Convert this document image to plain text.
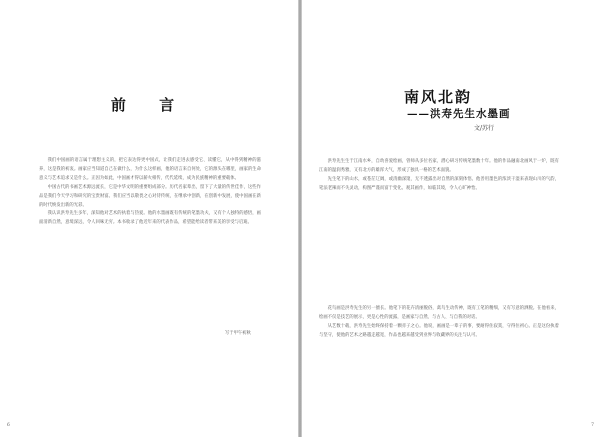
前 言

我们中国画的语言属于理想主义的，把它表达得更中国式，让我们走进去感受它、读懂它，从中得到精神的滋养，这是我的初衷。画家应当知道自己在做什么，为什么这样画，他的语言来自何处，它的源头在哪里，画家的生命意义与艺术追求又是什么。正因为如此，中国画才得以薪火相传，代代延续，成为民族精神的重要载体。

中国古代的书画艺术源远流长，它是中华文明的重要组成部分。历代名家辈出，留下了大量的传世佳作，这些作品是我们今天学习和研究的宝贵财富。我们应当以敬畏之心对待传统，在继承中创新，在创新中发展，使中国画在新的时代焕发出新的光彩。

我认识洪寿先生多年，深知他对艺术的执着与热爱。他的水墨画既有传统的笔墨功夫，又有个人独特的感悟，画面清新自然，意境深远，令人回味无穷。本书收录了他近年来的代表作品，希望能给读者带来美的享受与启迪。

写于甲午初秋
6
南风北韵
——洪寿先生水墨画
文/苏行

洪寿先生生于江南水乡，自幼喜爱绘画，曾师从多位名家，潜心研习传统笔墨数十年。他的作品融南北画风于一炉，既有江南的温润秀雅，又有北方的雄浑大气，形成了独具一格的艺术面貌。

先生笔下的山水，或苍茫辽阔，或清幽深邃，无不透露出对自然的深刻体悟。他善用墨色的浓淡干湿来表现山川的气韵，笔法老辣而不失灵动，构图严谨而富于变化。观其画作，如临其境，令人心旷神怡。

花鸟画是洪寿先生的另一擅长。他笔下的花卉清丽脱俗，禽鸟生动传神，既有工笔的精细，又有写意的洒脱。在他看来，绘画不仅是技艺的展示，更是心性的流露，是画家与自然、与古人、与自我的对话。

从艺数十载，洪寿先生始终保持着一颗赤子之心。他说，画画是一辈子的事，要耐得住寂寞，守得住初心。正是这份执着与坚守，使他的艺术之路越走越宽，作品也越来越受到业界与收藏界的关注与认可。

7
